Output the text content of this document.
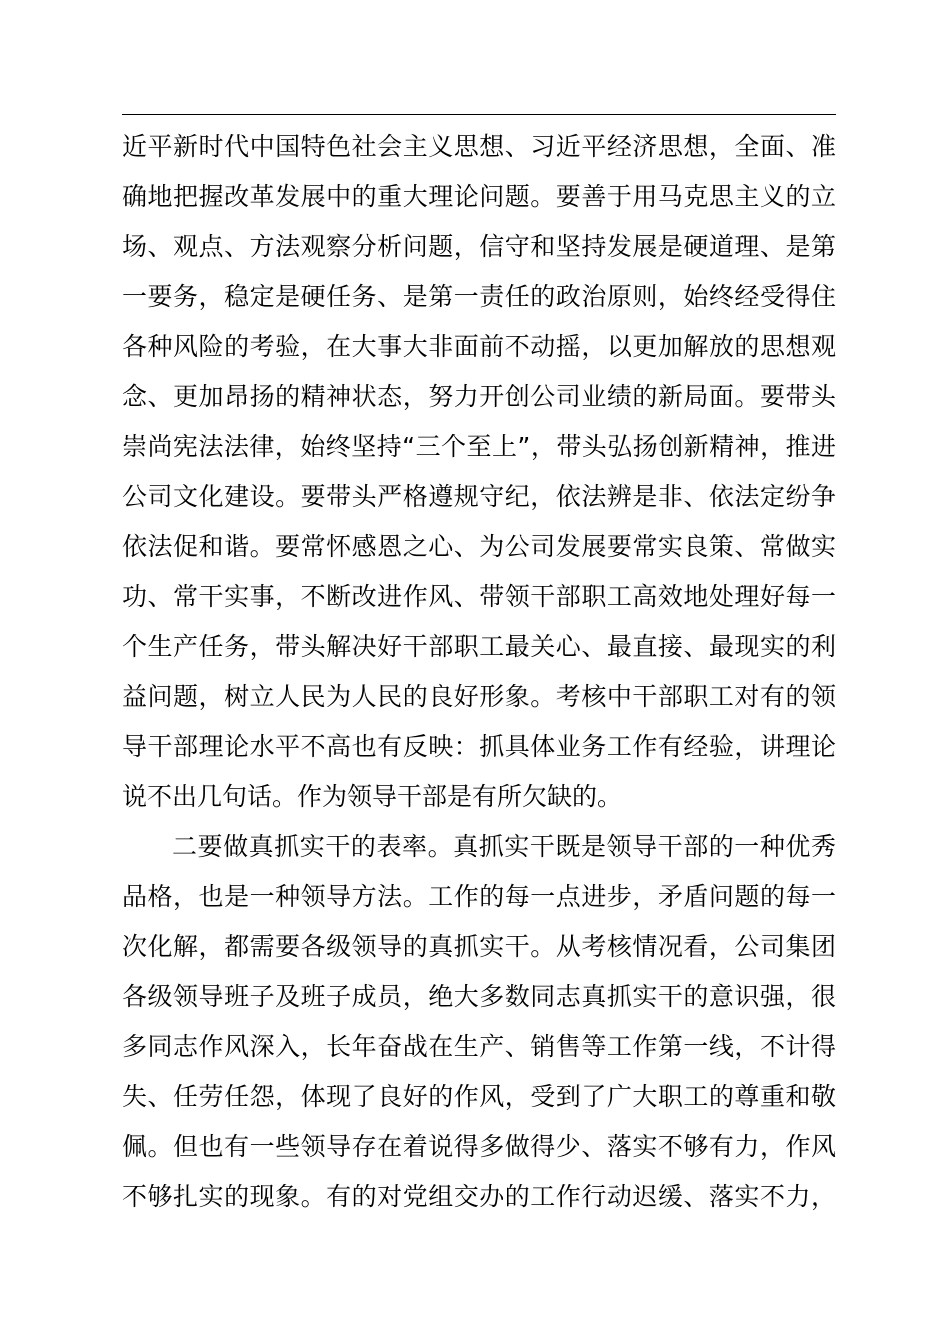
近平新时代中国特色社会主义思想、习近平经济思想，全面、准
确地把握改革发展中的重大理论问题。要善于用马克思主义的立
场、观点、方法观察分析问题，信守和坚持发展是硬道理、是第
一要务，稳定是硬任务、是第一责任的政治原则，始终经受得住
各种风险的考验，在大事大非面前不动摇，以更加解放的思想观
念、更加昂扬的精神状态，努力开创公司业绩的新局面。要带头
崇尚宪法法律，始终坚持“三个至上”，带头弘扬创新精神，推进
公司文化建设。要带头严格遵规守纪，依法辨是非、依法定纷争
依法促和谐。要常怀感恩之心、为公司发展要常实良策、常做实
功、常干实事，不断改进作风、带领干部职工高效地处理好每一
个生产任务，带头解决好干部职工最关心、最直接、最现实的利
益问题，树立人民为人民的良好形象。考核中干部职工对有的领
导干部理论水平不高也有反映：抓具体业务工作有经验，讲理论
说不出几句话。作为领导干部是有所欠缺的。
二要做真抓实干的表率。真抓实干既是领导干部的一种优秀
品格，也是一种领导方法。工作的每一点进步，矛盾问题的每一
次化解，都需要各级领导的真抓实干。从考核情况看，公司集团
各级领导班子及班子成员，绝大多数同志真抓实干的意识强，很
多同志作风深入，长年奋战在生产、销售等工作第一线，不计得
失、任劳任怨，体现了良好的作风，受到了广大职工的尊重和敬
佩。但也有一些领导存在着说得多做得少、落实不够有力，作风
不够扎实的现象。有的对党组交办的工作行动迟缓、落实不力，
